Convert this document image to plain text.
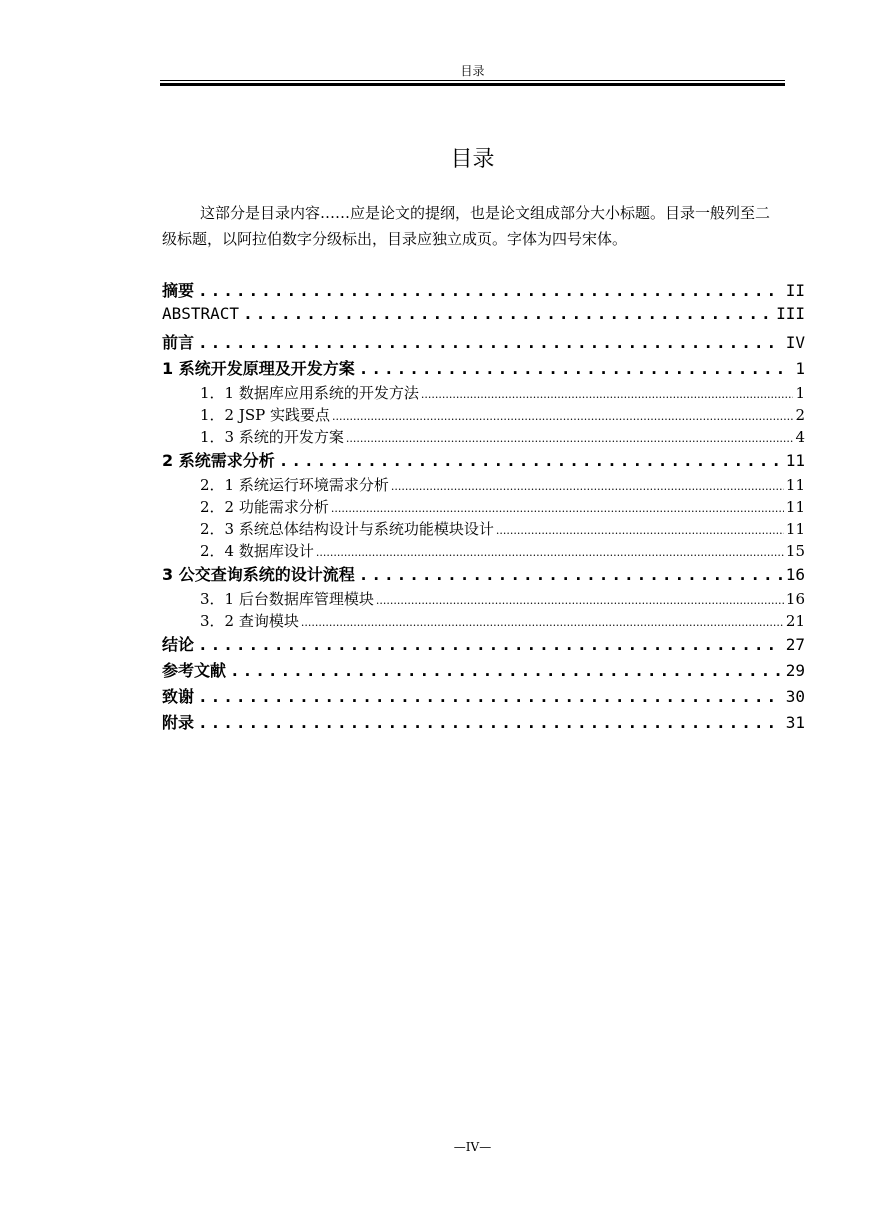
目录
目录

这部分是目录内容……应是论文的提纲，也是论文组成部分大小标题。目录一般列至二级标题，以阿拉伯数字分级标出，目录应独立成页。字体为四号宋体。

摘要 .....	II
ABSTRACT .....	III
前言 .....	IV
1 系统开发原理及开发方案 .....	1
1．1 数据库应用系统的开发方法 .....	1
1．2 JSP 实践要点 .....	2
1．3 系统的开发方案 .....	4
2 系统需求分析 .....	11
2．1 系统运行环境需求分析 .....	11
2．2 功能需求分析 .....	11
2．3 系统总体结构设计与系统功能模块设计 .....	11
2．4 数据库设计 .....	15
3 公交查询系统的设计流程 .....	16
3．1 后台数据库管理模块 .....	16
3．2 查询模块 .....	21
结论 .....	27
参考文献 .....	29
致谢 .....	30
附录 .....	31
—IV—
